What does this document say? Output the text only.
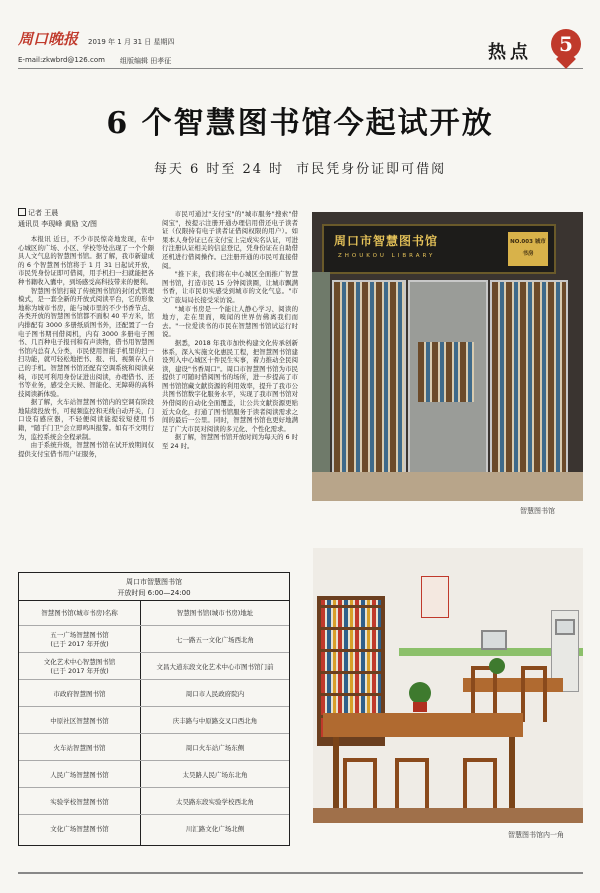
周口晚报 2019 年 1 月 31 日 星期四
E-mail:zkwbrd@126.com 组版编辑 田孝征	热点	5
6 个智慧图书馆今起试开放
每天 6 时至 24 时 市民凭身份证即可借阅
记者 王晨
通讯员 李现峰 黄励 文/图

本报讯 近日，不少市民惊奇地发现，在中心城区的广场、小区、学校等处出现了一个个颇具人文气息的智慧图书馆。据了解，我市新建成的 6 个智慧图书馆将于 1 月 31 日起试开放，市民凭身份证即可借阅，用手机扫一扫就能把各种书籍收入囊中，到场感受高科技带来的便利。

智慧图书馆打破了传统图书馆的封闭式管理模式，是一套全新的开放式阅读平台，它的形象地称为城市书房，能与城市里的不少书香节点、各类开放的智慧图书馆都不面积 40 平方米，馆内排配有 3000 多册纸质图书外，还配置了一台电子图书期刊借阅机，内有 3000 多册电子图书、几百种电子报刊和有声读物，借书用智慧图书馆内总有人分类，市民使用智能手机里的扫一扫功能，就可轻松地把书、报、刊、视频存入自己的手机。智慧图书馆还配有空调系统和阅读桌椅，市民可利用身份证进出阅读，办理借书、还书等业务，感受全天候、智能化、无障碍的高科技阅读新体验。

据了解，火车站智慧图书馆内的空调有阶段地陆续投放书，可视频监控和无线自动开关，门口设有感应器，不轻便阅读能提较短使用书籍，"随手门卫"会立即鸣叫报警。如有不文明行为，监控系统会全程录制。

由于系统升级，智慧图书馆在试开放期间仅提供支付宝借书用户证服务，

市民可通过"支付宝"的"城市服务"搜索"借阅宝"，按提示注册开通办理信用借还电子读者证（仅限持有电子读者证借阅权限的用户）。如果本人身份证已在支付宝上完成实名认证，可进行注册认证相关的信息登记，凭身份证在自助借还机进行借阅操作。已注册开通的市民可直接借阅。

"推下来，我们将在中心城区全面推广智慧图书馆，打造市民 15 分钟阅读圈，让城市飘满书香，让市民切实感受到城市的文化气息。"市文广旅局局长接受采访说。

"城市书房是一个能让人静心学习、阅读的地方，走在里面，嗅闻的世界仿佛离我们而去。"一位爱读书的市民在智慧图书馆试运行时说。

据悉，2018 年我市加快构建文化传承创新体系，深入实施文化惠民工程，把智慧图书馆建设列入中心城区十件民生实事，着力推动全民阅读，建设"书香周口"。周口市智慧图书馆为市民提供了可随时借阅图书的场所，进一步提高了市图书馆馆藏文献资源的利用效率，提升了我市公共图书馆数字化服务水平，实现了我市图书馆对外借阅的自动化全面覆盖，让公共文献资源更贴近大众化，打通了图书馆服务于读者阅读需求之间的最后一公里。同时，智慧图书馆也更好地满足了广大市民对阅读的多元化、个性化需求。

据了解，智慧图书馆开放时间为每天的 6 时至 24 时。

周口市智慧图书馆
ZHOUKOU LIBRARY
NO.003 城市书房
智慧图书馆
周口市智慧图书馆
开放时间 6:00—24:00
智慧图书馆(城市书房)名称	智慧图书馆(城市书房)地址
五一广场智慧图书馆
(已于 2017 年开放)	七一路五一文化广场西北角
文化艺术中心智慧图书馆
(已于 2017 年开放)	文昌大道东段文化艺术中心市图书馆门前
市政府智慧图书馆	周口市人民政府院内
中原社区智慧图书馆	庆丰路与中原路交叉口西北角
火车站智慧图书馆	周口火车站广场东侧
人民广场智慧图书馆	太昊路人民广场东北角
实验学校智慧图书馆	太昊路东段实验学校西北角
文化广场智慧图书馆	川汇路文化广场北侧
智慧图书馆内一角
